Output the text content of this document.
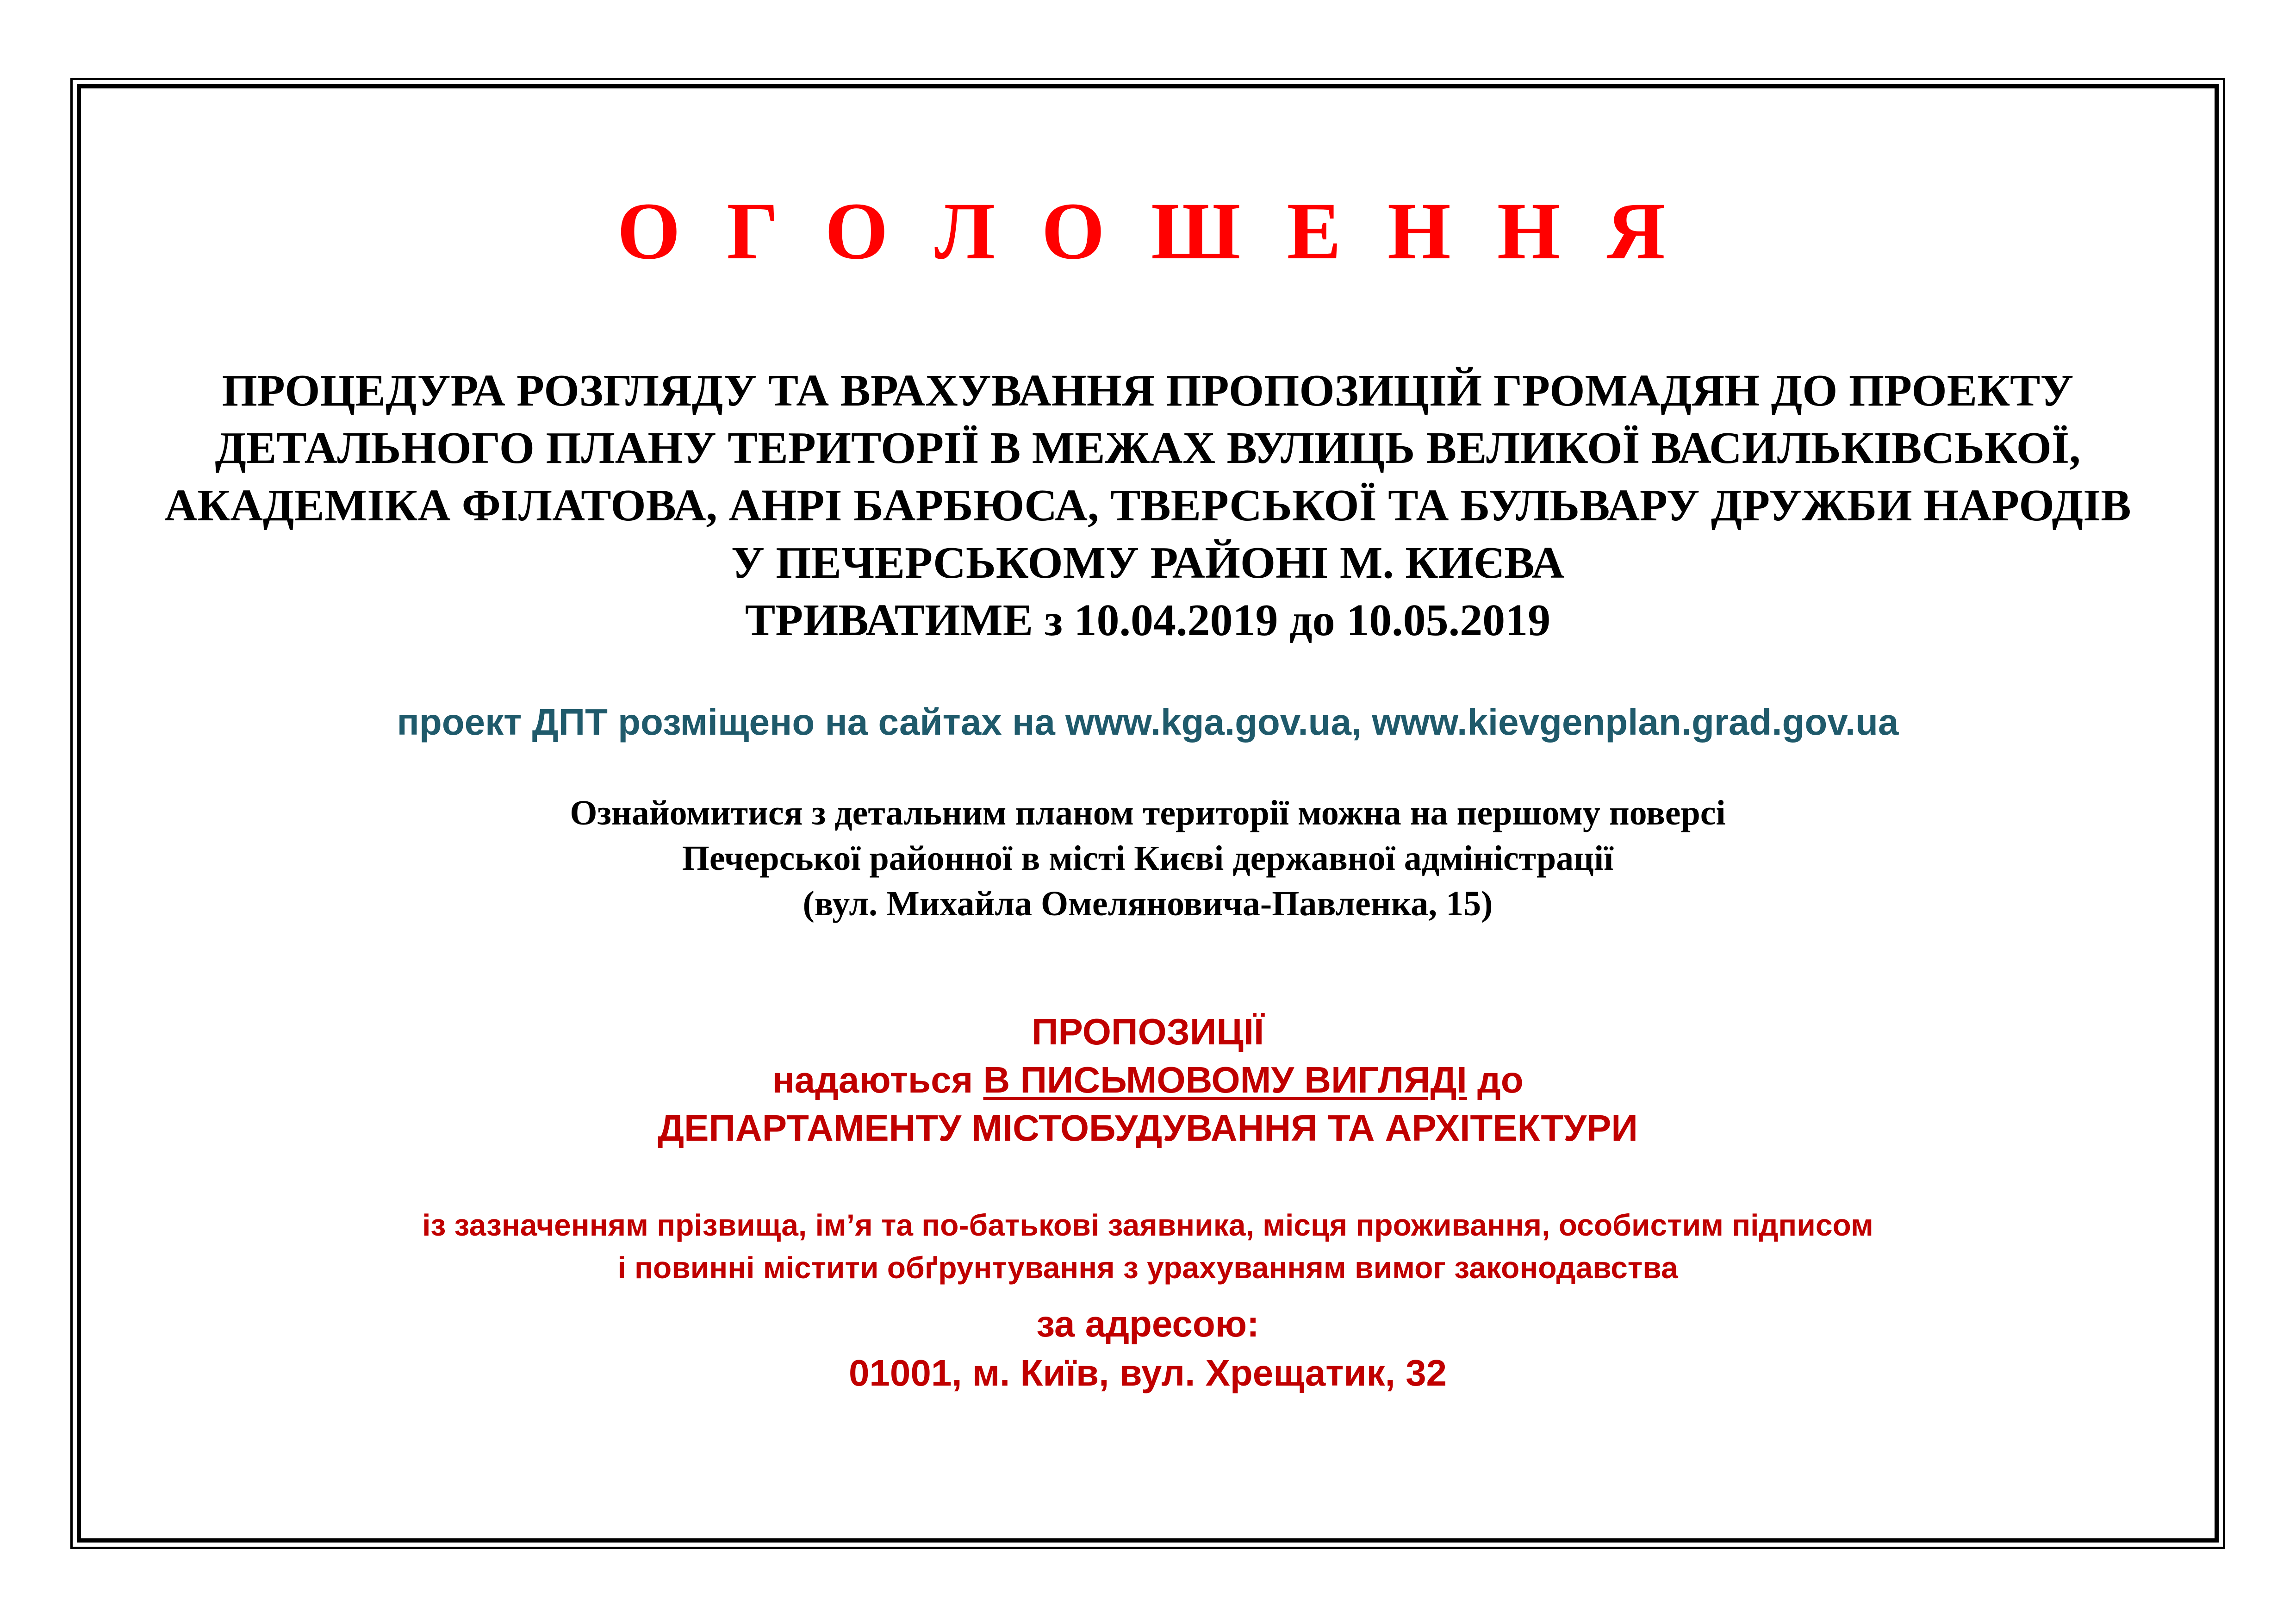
О Г О Л О Ш Е Н Н Я
ПРОЦЕДУРА РОЗГЛЯДУ ТА ВРАХУВАННЯ ПРОПОЗИЦІЙ ГРОМАДЯН ДО ПРОЕКТУ
ДЕТАЛЬНОГО ПЛАНУ ТЕРИТОРІЇ В МЕЖАХ ВУЛИЦЬ ВЕЛИКОЇ ВАСИЛЬКІВСЬКОЇ,
АКАДЕМІКА ФІЛАТОВА, АНРІ БАРБЮСА, ТВЕРСЬКОЇ ТА БУЛЬВАРУ ДРУЖБИ НАРОДІВ
У ПЕЧЕРСЬКОМУ РАЙОНІ М. КИЄВА
ТРИВАТИМЕ з 10.04.2019 до 10.05.2019
проект ДПТ розміщено на сайтах на www.kga.gov.ua, www.kievgenplan.grad.gov.ua
Ознайомитися з детальним планом території можна на першому поверсі
Печерської районної в місті Києві державної адміністрації
(вул. Михайла Омеляновича-Павленка, 15)
ПРОПОЗИЦІЇ
надаються В ПИСЬМОВОМУ ВИГЛЯДІ до
ДЕПАРТАМЕНТУ МІСТОБУДУВАННЯ ТА АРХІТЕКТУРИ
із зазначенням прізвища, ім’я та по-батькові заявника, місця проживання, особистим підписом
і повинні містити обґрунтування з урахуванням вимог законодавства
за адресою:
01001, м. Київ, вул. Хрещатик, 32
